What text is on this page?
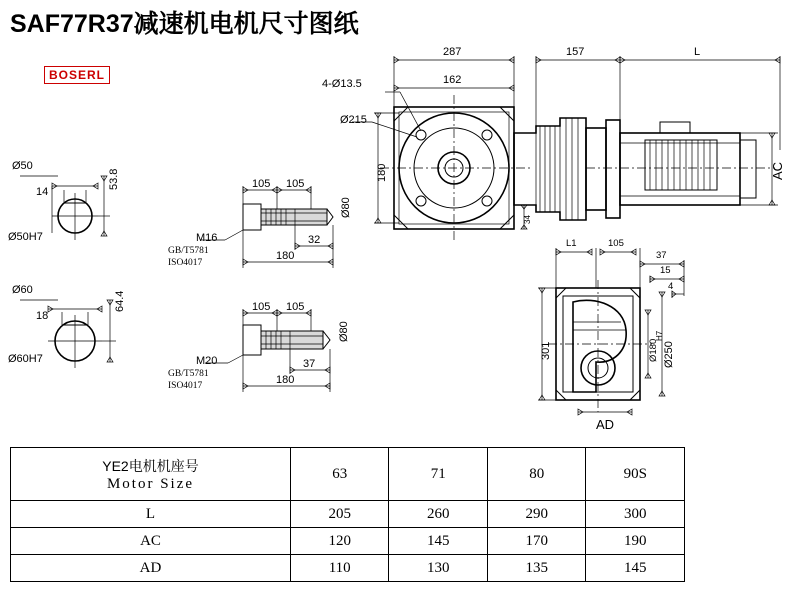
SAF77R37减速机电机尺寸图纸
BOSERL
Ø50
14
53.8
Ø50H7
Ø60
18
64.4
Ø60H7
105 105
32
180
Ø80
M16
GB/T5781
ISO4017
105 105
37
180
Ø80
M20
GB/T5781
ISO4017
287
162
157	L
4-Ø13.5
Ø215
180
34
AC
L1	105
37
15
4
301	Ø180
H7
Ø250
AD
YE2电机机座号
Motor Size	63	71	80	90S

L	205	260	290	300
AC	120	145	170	190
AD	110	130	135	145
